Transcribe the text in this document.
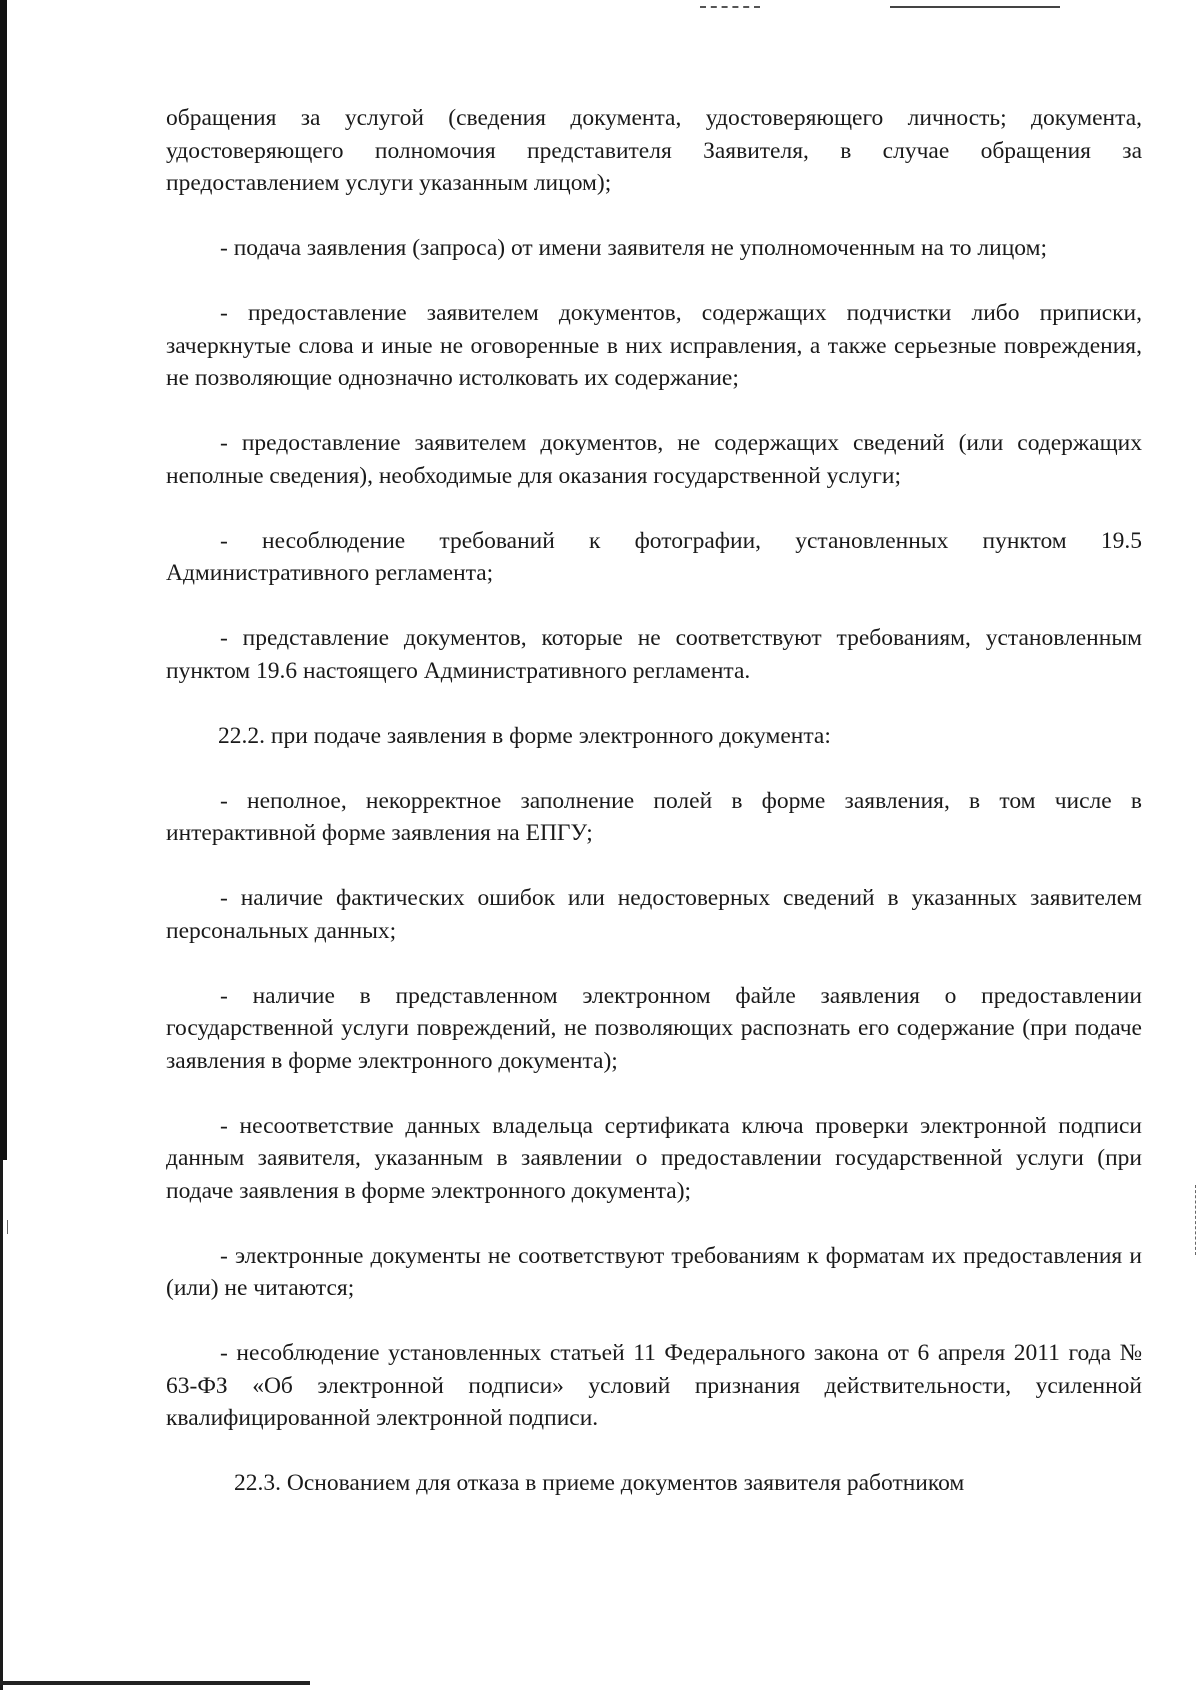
обращения за услугой (сведения документа, удостоверяющего личность; документа, удостоверяющего полномочия представителя Заявителя, в случае обращения за предоставлением услуги указанным лицом);

- подача заявления (запроса) от имени заявителя не уполномоченным на то лицом;

- предоставление заявителем документов, содержащих подчистки либо приписки, зачеркнутые слова и иные не оговоренные в них исправления, а также серьезные повреждения, не позволяющие однозначно истолковать их содержание;

- предоставление заявителем документов, не содержащих сведений (или содержащих неполные сведения), необходимые для оказания государственной услуги;

- несоблюдение требований к фотографии, установленных пунктом 19.5 Административного регламента;

- представление документов, которые не соответствуют требованиям, установленным пунктом 19.6 настоящего Административного регламента.

22.2. при подаче заявления в форме электронного документа:

- неполное, некорректное заполнение полей в форме заявления, в том числе в интерактивной форме заявления на ЕПГУ;

- наличие фактических ошибок или недостоверных сведений в указанных заявителем персональных данных;

- наличие в представленном электронном файле заявления о предоставлении государственной услуги повреждений, не позволяющих распознать его содержание (при подаче заявления в форме электронного документа);

- несоответствие данных владельца сертификата ключа проверки электронной подписи данным заявителя, указанным в заявлении о предоставлении государственной услуги (при подаче заявления в форме электронного документа);

- электронные документы не соответствуют требованиям к форматам их предоставления и (или) не читаются;

- несоблюдение установленных статьей 11 Федерального закона от 6 апреля 2011 года № 63-ФЗ «Об электронной подписи» условий признания действительности, усиленной квалифицированной электронной подписи.

22.3. Основанием для отказа в приеме документов заявителя работником
